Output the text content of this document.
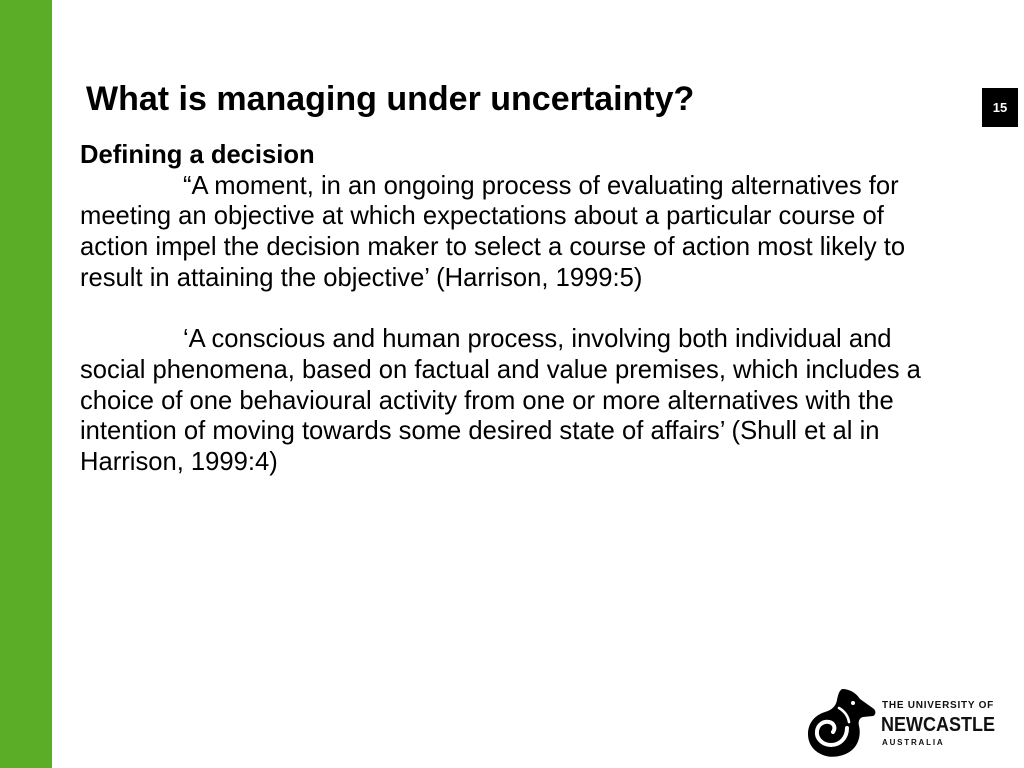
What is managing under uncertainty?	15
Defining a decision
“A moment, in an ongoing process of evaluating alternatives for
meeting an objective at which expectations about a particular course of
action impel the decision maker to select a course of action most likely to
result in attaining the objective’ (Harrison, 1999:5)
‘A conscious and human process, involving both individual and
social phenomena, based on factual and value premises, which includes a
choice of one behavioural activity from one or more alternatives with the
intention of moving towards some desired state of affairs’ (Shull et al in
Harrison, 1999:4)
THE UNIVERSITY OF
NEWCASTLE
AUSTRALIA
